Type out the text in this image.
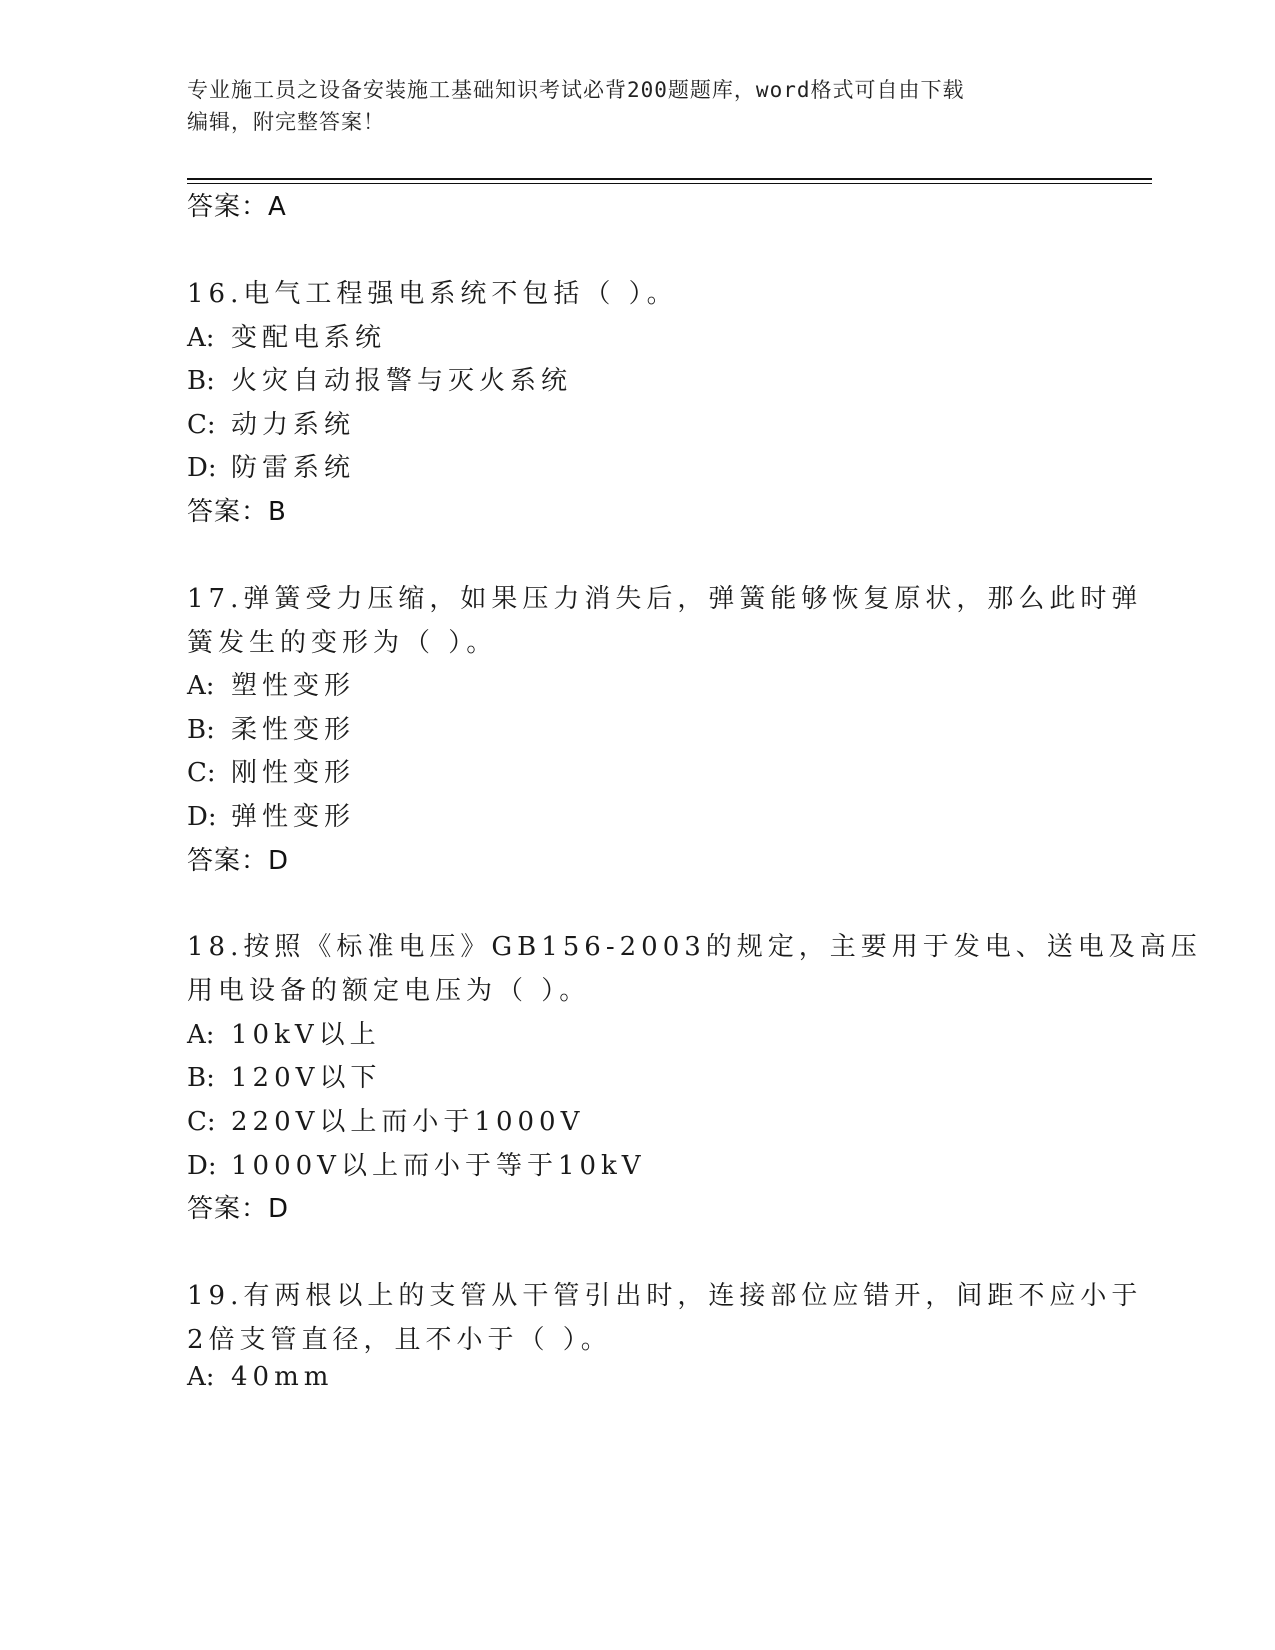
专业施工员之设备安装施工基础知识考试必背200题题库，word格式可自由下载
编辑，附完整答案！
答案：A
16.电气工程强电系统不包括（ ）。
A: 变配电系统
B: 火灾自动报警与灭火系统
C: 动力系统
D: 防雷系统
答案：B
17.弹簧受力压缩，如果压力消失后，弹簧能够恢复原状，那么此时弹
簧发生的变形为（ ）。
A: 塑性变形
B: 柔性变形
C: 刚性变形
D: 弹性变形
答案：D
18.按照《标准电压》GB156-2003的规定，主要用于发电、送电及高压
用电设备的额定电压为（ ）。
A: 10kV以上
B: 120V以下
C: 220V以上而小于1000V
D: 1000V以上而小于等于10kV
答案：D
19.有两根以上的支管从干管引出时，连接部位应错开，间距不应小于
2倍支管直径，且不小于（ ）。
A: 40mm
